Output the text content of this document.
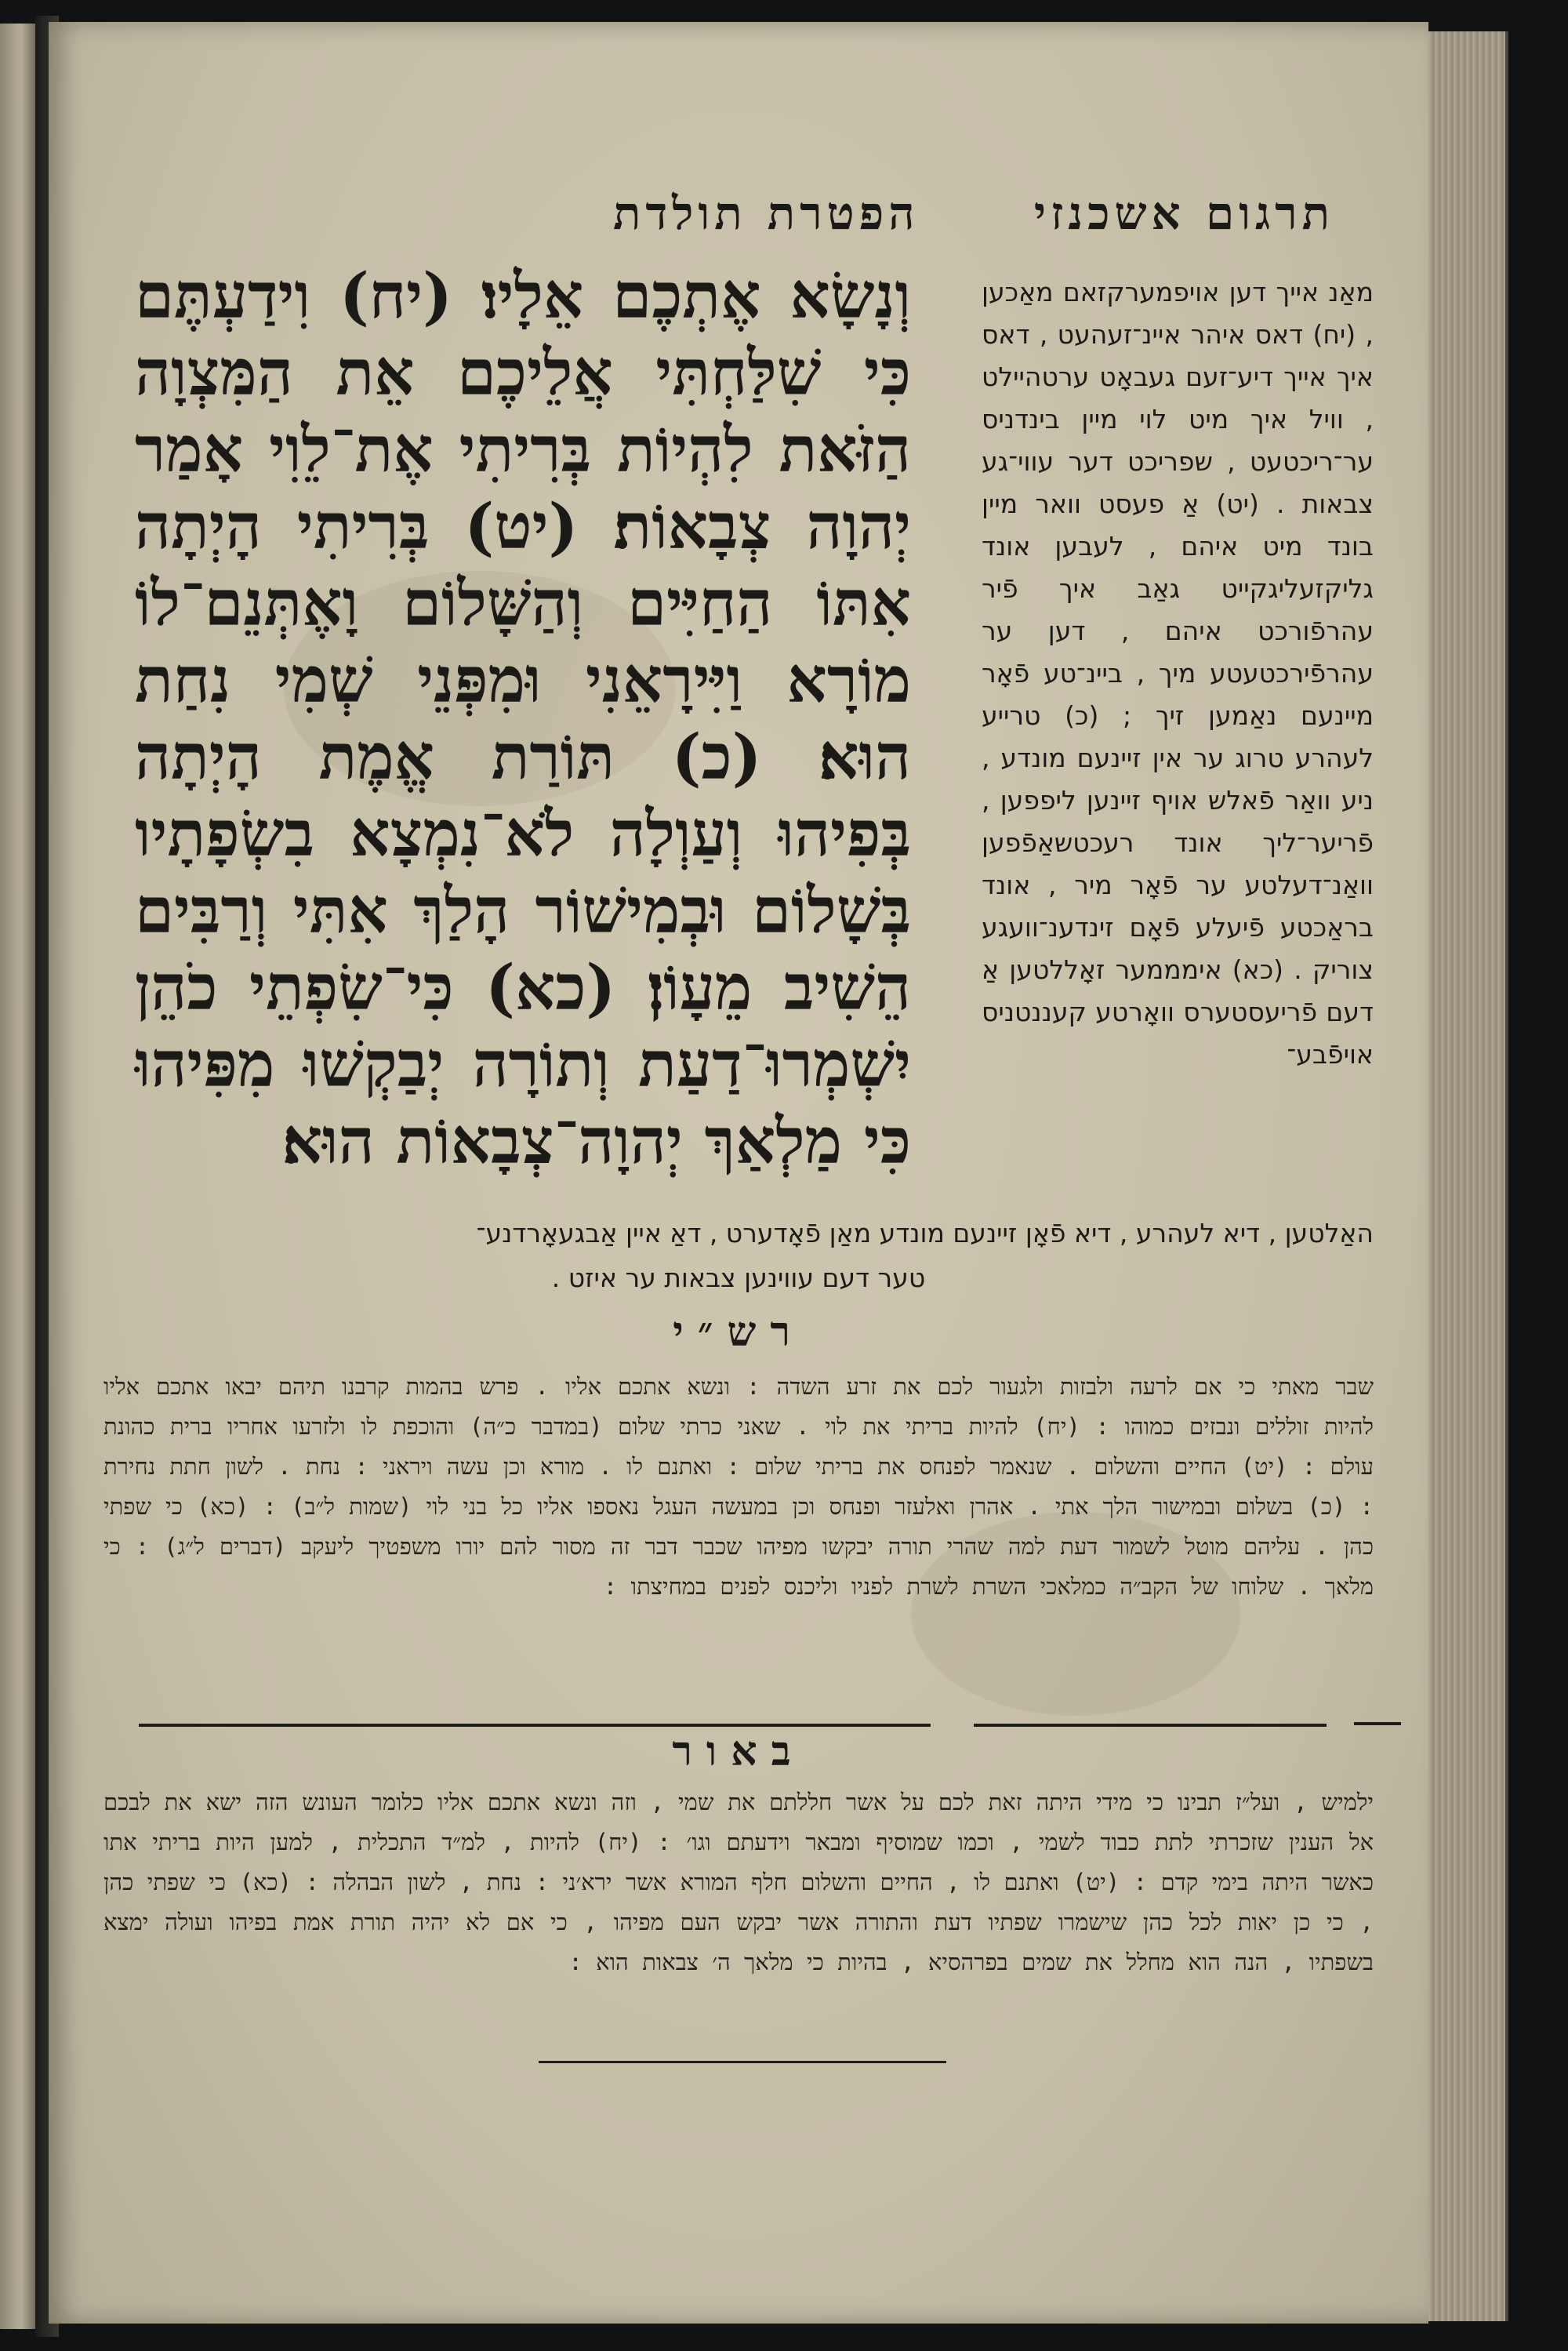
תרגום אשכנזי
הפטרת תולדת

וְנָשָׂא אֶתְכֶם אֵלָיו׃ (יח) וִידַעְתֶּם כִּי שִׁלַּחְתִּי אֲלֵיכֶם אֵת הַמִּצְוָה הַזֹּאת לִהְיוֹת בְּרִיתִי אֶת־לֵוִי אָמַר יְהוָה צְבָאוֹת׃ (יט) בְּרִיתִי הָיְתָה אִתּוֹ הַחַיִּים וְהַשָּׁלוֹם וָאֶתְּנֵם־לוֹ מוֹרָא וַיִּירָאֵנִי וּמִפְּנֵי שְׁמִי נִחַת הוּא׃ (כ) תּוֹרַת אֱמֶת הָיְתָה בְּפִיהוּ וְעַוְלָה לֹא־נִמְצָא בִשְׂפָתָיו בְּשָׁלוֹם וּבְמִישׁוֹר הָלַךְ אִתִּי וְרַבִּים הֵשִׁיב מֵעָוֹן׃ (כא) כִּי־שִׂפְתֵי כֹהֵן יִשְׁמְרוּ־דַעַת וְתוֹרָה יְבַקְשׁוּ מִפִּיהוּ כִּי מַלְאַךְ יְהוָה־צְבָאוֹת הוּא׃

מאַנ אייך דען אויפמערקזאם מאַכען , (יח) דאס איהר איינ־זעהעט , דאס איך אייך דיע־זעם געבאָט ערטהיילט , וויל איך מיט לוי מיין בינדניס ער־ריכטעט , שפריכט דער עווי־גע צבאות . (יט) אַ פעסט וואר מיין בונד מיט איהם , לעבען אונד גליקזעליגקייט גאַב איך פֿיר עהרפֿורכט איהם , דען ער עהרפֿירכטעטע מיך , ביינ־טע פֿאָר מיינעם נאַמען זיך ; (כ) טרייע לעהרע טרוג ער אין זיינעם מונדע , ניע וואַר פֿאלש אויף זיינען ליפפען , פֿריער־ליך אונד רעכטשאַפֿפען וואַנ־דעלטע ער פֿאָר מיר , אונד בראַכטע פֿיעלע פֿאָם זינדענ־וועגע צוריק . (כא) אימממער זאָללטען אַ דעם פֿריעסטערס וואָרטע קעננטניס אויפֿבע־

האַלטען , דיא לעהרע , דיא פֿאָן זיינעם מונדע מאַן פֿאָדערט , דאַ איין אַבגעאָרדנע־
טער דעם עווינען צבאות ער איזט .
רש״י

שבר מאתי כי אם לרעה ולבזות ולגעור לכם את זרע השדה : ונשא אתכם אליו . פרש בהמות קרבנו תיהם יבאו אתכם אליו להיות זוללים ונבזים כמוהו : (יח) להיות בריתי את לוי . שאני כרתי שלום (במדבר כ״ה) והוכפת לו ולזרעו אחריו ברית כהונת עולם : (יט) החיים והשלום . שנאמר לפנחס את בריתי שלום : ואתנם לו . מורא וכן עשה ויראני : נחת . לשון חתת נחירת : (כ) בשלום ובמישור הלך אתי . אהרן ואלעזר ופנחס וכן במעשה העגל נאספו אליו כל בני לוי (שמות ל״ב) : (כא) כי שפתי כהן . עליהם מוטל לשמור דעת למה שהרי תורה יבקשו מפיהו שכבר דבר זה מסור להם יורו משפטיך ליעקב (דברים ל״ג) : כי מלאך . שלוחו של הקב״ה כמלאכי השרת לשרת לפניו וליכנס לפנים במחיצתו :

באור

ילמיש , ועל״ז תבינו כי מידי היתה זאת לכם על אשר חללתם את שמי , וזה ונשא אתכם אליו כלומר העונש הזה ישא את לבכם אל הענין שזכרתי לתת כבוד לשמי , וכמו שמוסיף ומבאר וידעתם וגו׳ : (יח) להיות , למ״ד התכלית , למען היות בריתי אתו כאשר היתה בימי קדם : (יט) ואתנם לו , החיים והשלום חלף המורא אשר ירא׳ני : נחת , לשון הבהלה : (כא) כי שפתי כהן , כי כן יאות לכל כהן שישמרו שפתיו דעת והתורה אשר יבקש העם מפיהו , כי אם לא יהיה תורת אמת בפיהו ועולה ימצא בשפתיו , הנה הוא מחלל את שמים בפרהסיא , בהיות כי מלאך ה׳ צבאות הוא :
